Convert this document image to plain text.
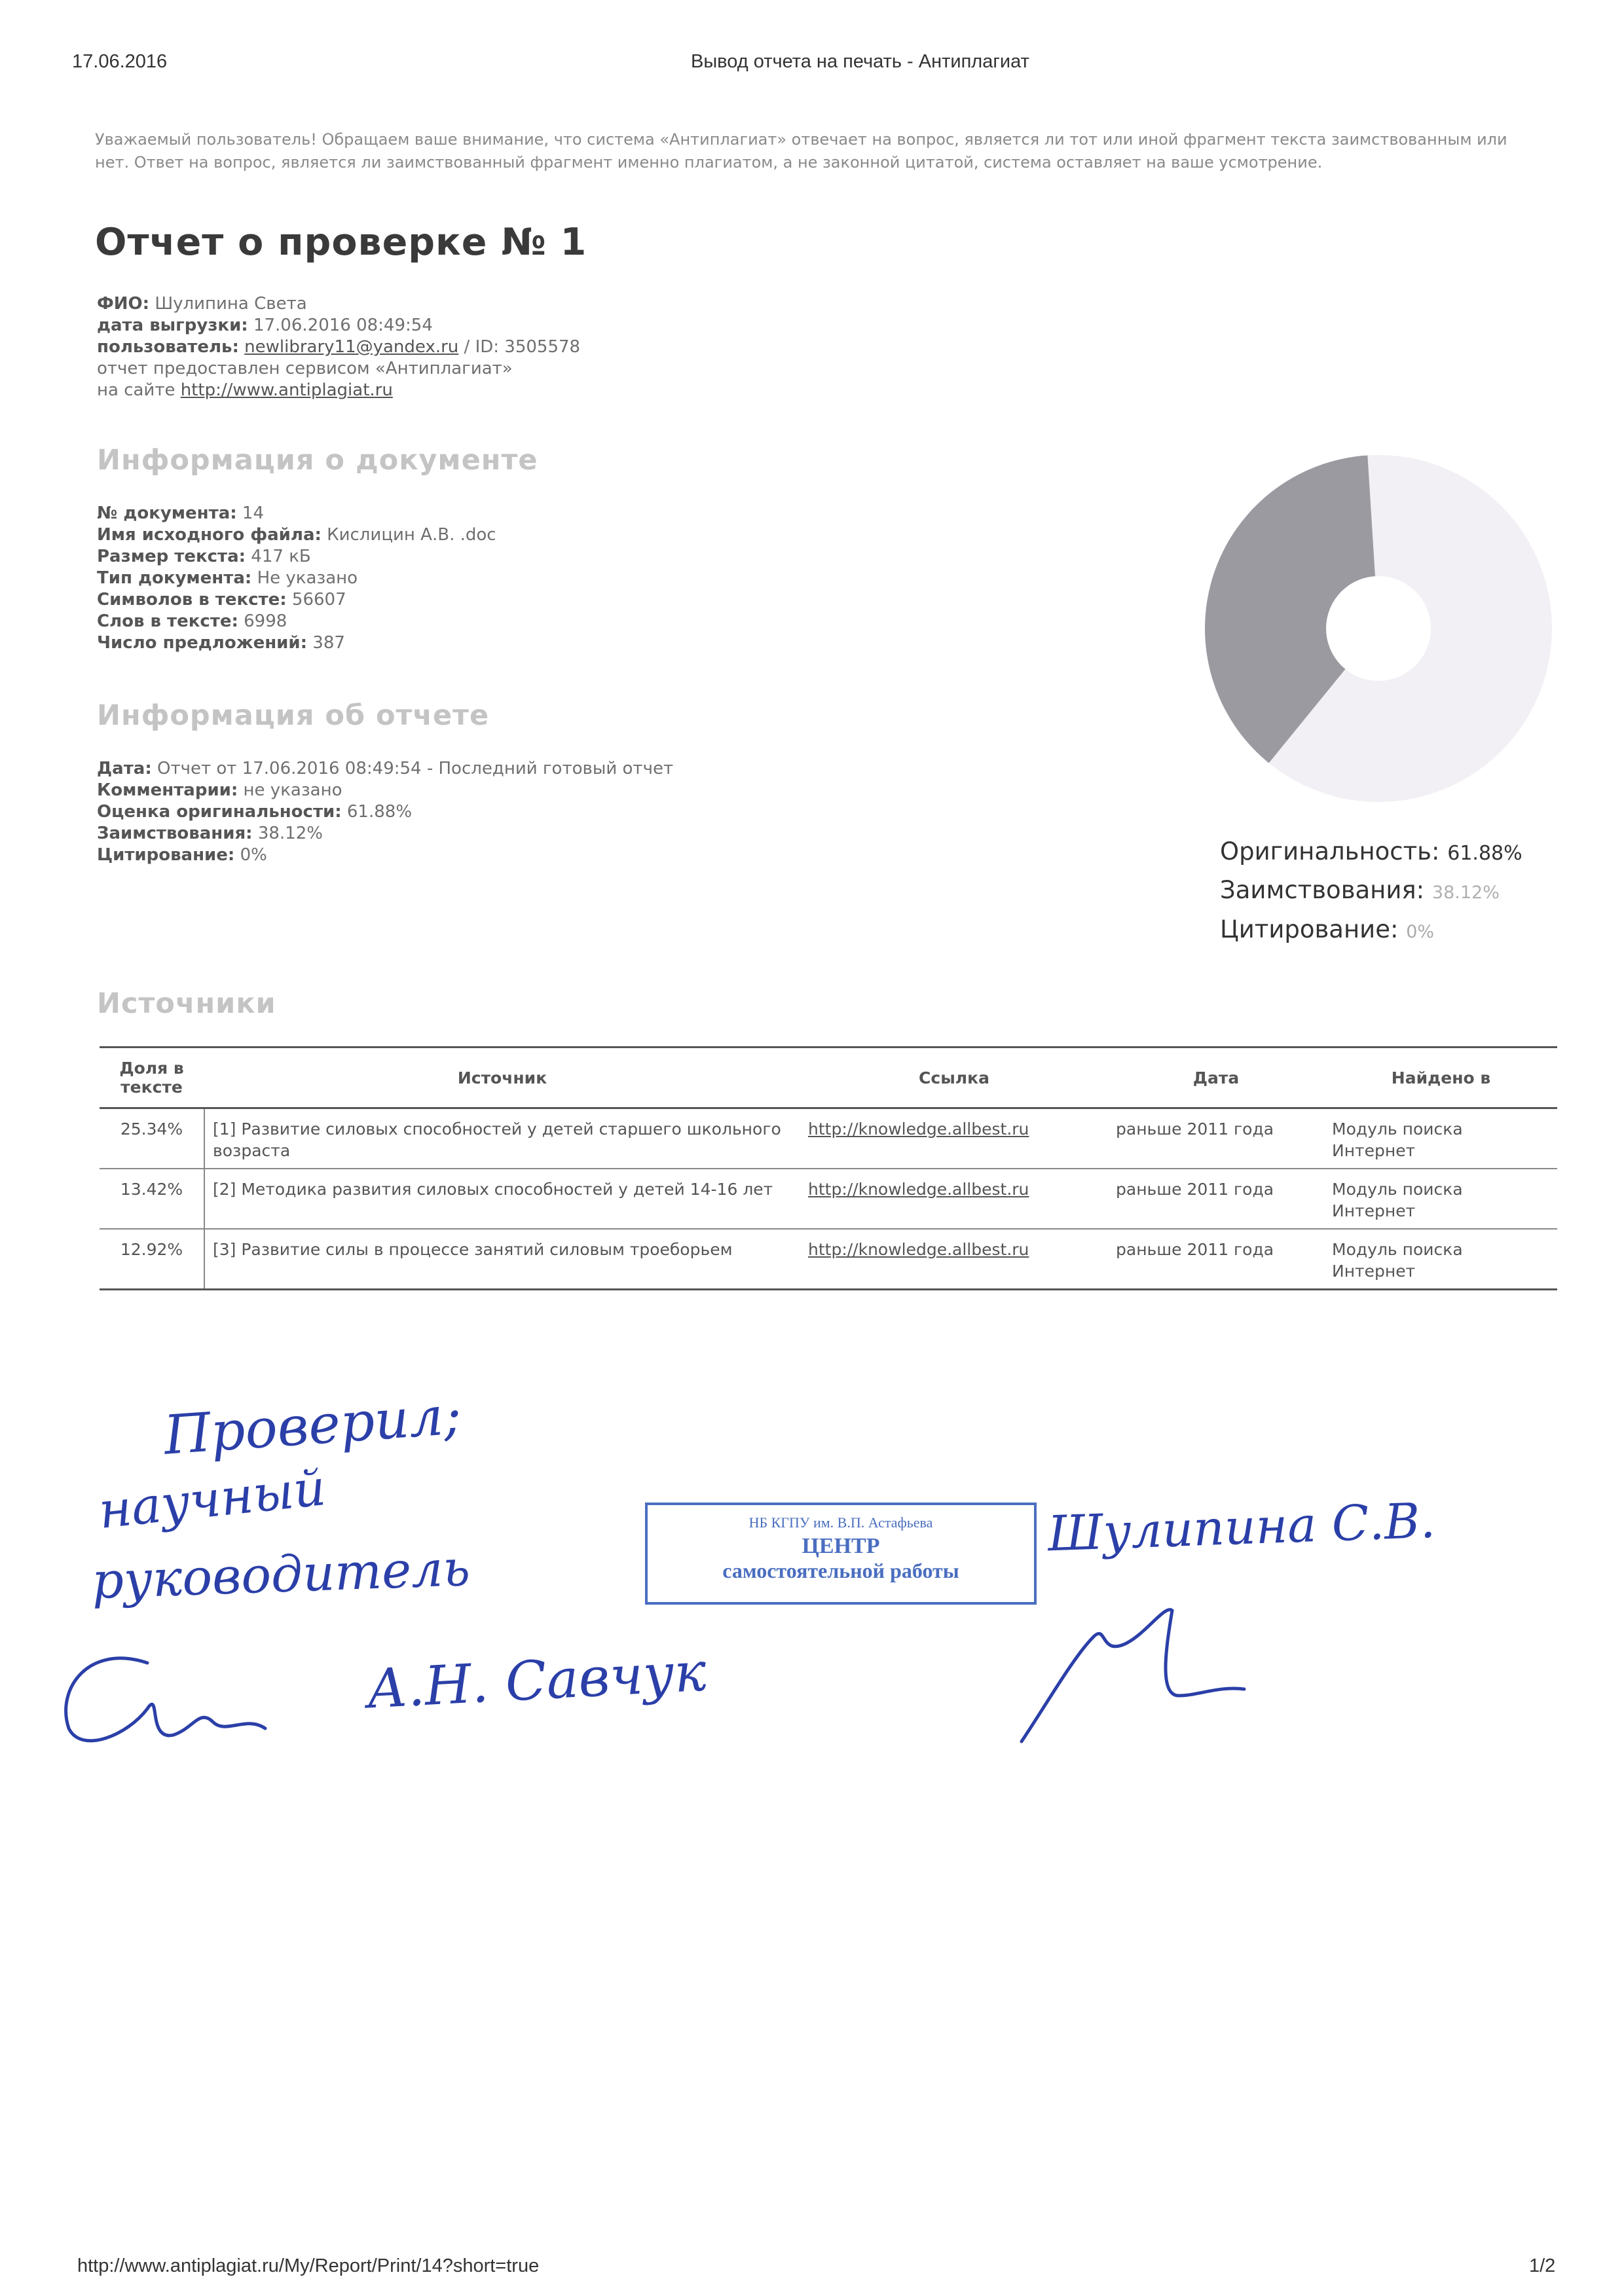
17.06.2016	Вывод отчета на печать - Антиплагиат
Уважаемый пользователь! Обращаем ваше внимание, что система «Антиплагиат» отвечает на вопрос, является ли тот или иной фрагмент текста заимствованным или нет. Ответ на вопрос, является ли заимствованный фрагмент именно плагиатом, а не законной цитатой, система оставляет на ваше усмотрение.
Отчет о проверке № 1
ФИО: Шулипина Света
дата выгрузки: 17.06.2016 08:49:54
пользователь: newlibrary11@yandex.ru / ID: 3505578
отчет предоставлен сервисом «Антиплагиат»
на сайте http://www.antiplagiat.ru
Информация о документе
№ документа: 14
Имя исходного файла: Кислицин А.В. .doc
Размер текста: 417 кБ
Тип документа: Не указано
Символов в тексте: 56607
Слов в тексте: 6998
Число предложений: 387
Информация об отчете
Дата: Отчет от 17.06.2016 08:49:54 - Последний готовый отчет
Комментарии: не указано
Оценка оригинальности: 61.88%
Заимствования: 38.12%
Цитирование: 0%	Оригинальность: 61.88%
Заимствования: 38.12%
Цитирование: 0%
Источники
Доля в тексте	Источник	Ссылка	Дата	Найдено в
25.34%	[1] Развитие силовых способностей у детей старшего школьного возраста	http://knowledge.allbest.ru	раньше 2011 года	Модуль поиска Интернет
13.42%	[2] Методика развития силовых способностей у детей 14-16 лет	http://knowledge.allbest.ru	раньше 2011 года	Модуль поиска Интернет
12.92%	[3] Развитие силы в процессе занятий силовым троеборьем	http://knowledge.allbest.ru	раньше 2011 года	Модуль поиска Интернет
Проверил;
научный
руководитель
А.Н. Савчук
Шулипина С.В.
НБ КГПУ им. В.П. Астафьева
ЦЕНТР
самостоятельной работы
http://www.antiplagiat.ru/My/Report/Print/14?short=true	1/2
